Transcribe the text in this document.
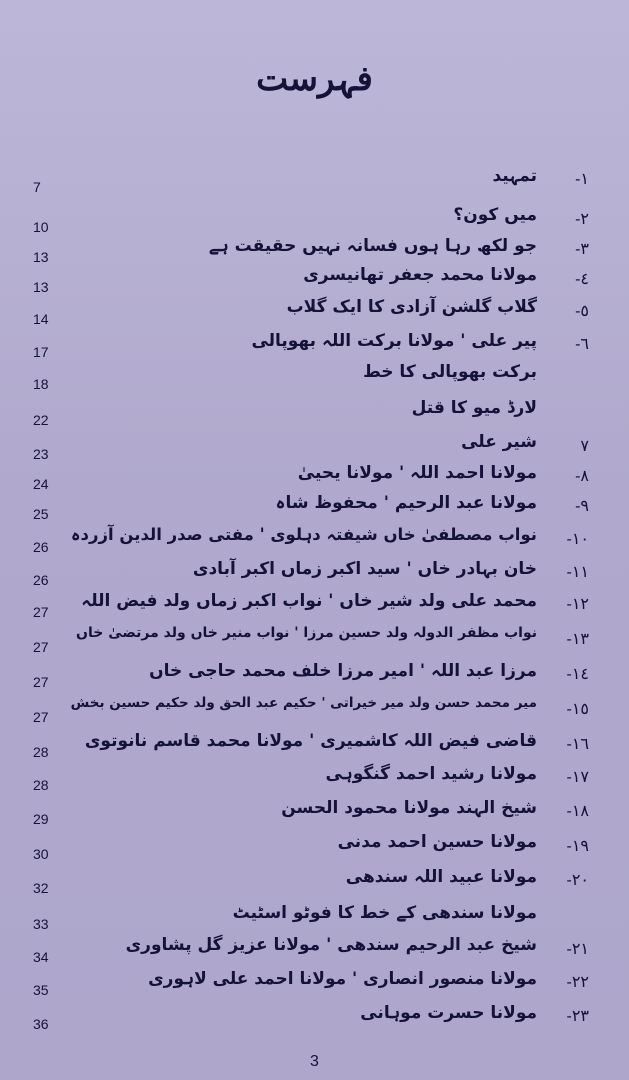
فہرست
١-
تمہید
7
٢-
میں کون؟
10
٣-
جو لکھ رہا ہوں فسانہ نہیں حقیقت ہے
13
٤-
مولانا محمد جعفر تھانیسری
13
٥-
گلاب گلشن آزادی کا ایک گلاب
14
٦-
پیر علی ' مولانا برکت اللہ بھوپالی
17
برکت بھوپالی کا خط
18
لارڈ میو کا قتل
22
٧
شیر علی
23
٨-
مولانا احمد اللہ ' مولانا یحییٰ
24
٩-
مولانا عبد الرحیم ' محفوظ شاہ
25
١٠-
نواب مصطفیٰ خاں شیفتہ دہلوی ' مفتی صدر الدین آزردہ
26
١١-
خان بہادر خاں ' سید اکبر زماں اکبر آبادی
26
١٢-
محمد علی ولد شیر خاں ' نواب اکبر زماں ولد فیض اللہ
27
١٣-
نواب مظفر الدولہ ولد حسین مرزا ' نواب منیر خاں ولد مرتضیٰ خاں
27
١٤-
مرزا عبد اللہ ' امیر مرزا خلف محمد حاجی خاں
27
١٥-
میر محمد حسن ولد میر خیراتی ' حکیم عبد الحق ولد حکیم حسین بخش
27
١٦-
قاضی فیض اللہ کاشمیری ' مولانا محمد قاسم نانوتوی
28
١٧-
مولانا رشید احمد گنگوہی
28
١٨-
شیخ الہند مولانا محمود الحسن
29
١٩-
مولانا حسین احمد مدنی
30
٢٠-
مولانا عبید اللہ سندھی
32
مولانا سندھی کے خط کا فوٹو اسٹیٹ
33
٢١-
شیخ عبد الرحیم سندھی ' مولانا عزیز گل پشاوری
34
٢٢-
مولانا منصور انصاری ' مولانا احمد علی لاہوری
35
٢٣-
مولانا حسرت موہانی
36
3
